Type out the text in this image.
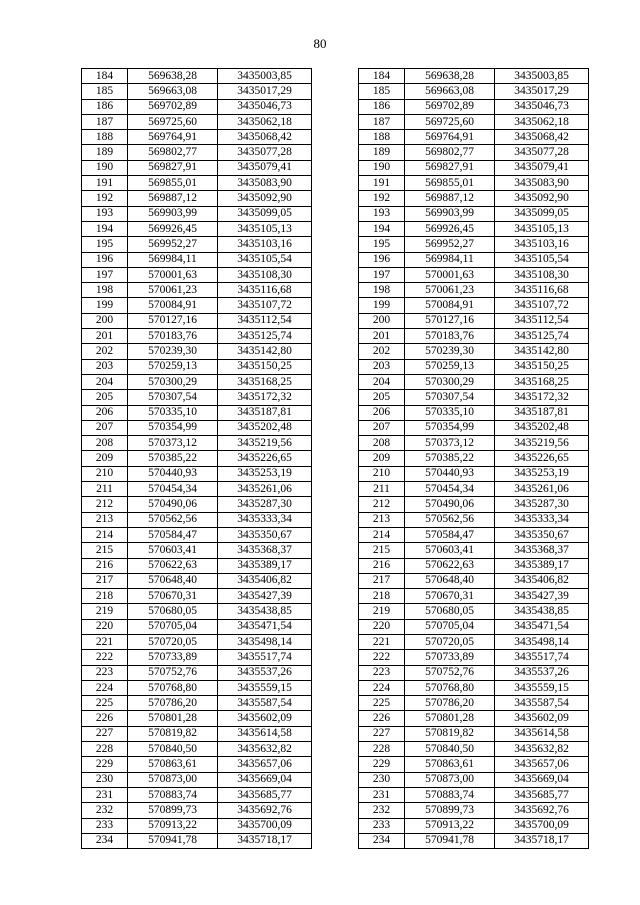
80
184	569638,28	3435003,85
185	569663,08	3435017,29
186	569702,89	3435046,73
187	569725,60	3435062,18
188	569764,91	3435068,42
189	569802,77	3435077,28
190	569827,91	3435079,41
191	569855,01	3435083,90
192	569887,12	3435092,90
193	569903,99	3435099,05
194	569926,45	3435105,13
195	569952,27	3435103,16
196	569984,11	3435105,54
197	570001,63	3435108,30
198	570061,23	3435116,68
199	570084,91	3435107,72
200	570127,16	3435112,54
201	570183,76	3435125,74
202	570239,30	3435142,80
203	570259,13	3435150,25
204	570300,29	3435168,25
205	570307,54	3435172,32
206	570335,10	3435187,81
207	570354,99	3435202,48
208	570373,12	3435219,56
209	570385,22	3435226,65
210	570440,93	3435253,19
211	570454,34	3435261,06
212	570490,06	3435287,30
213	570562,56	3435333,34
214	570584,47	3435350,67
215	570603,41	3435368,37
216	570622,63	3435389,17
217	570648,40	3435406,82
218	570670,31	3435427,39
219	570680,05	3435438,85
220	570705,04	3435471,54
221	570720,05	3435498,14
222	570733,89	3435517,74
223	570752,76	3435537,26
224	570768,80	3435559,15
225	570786,20	3435587,54
226	570801,28	3435602,09
227	570819,82	3435614,58
228	570840,50	3435632,82
229	570863,61	3435657,06
230	570873,00	3435669,04
231	570883,74	3435685,77
232	570899,73	3435692,76
233	570913,22	3435700,09
234	570941,78	3435718,17
184	569638,28	3435003,85
185	569663,08	3435017,29
186	569702,89	3435046,73
187	569725,60	3435062,18
188	569764,91	3435068,42
189	569802,77	3435077,28
190	569827,91	3435079,41
191	569855,01	3435083,90
192	569887,12	3435092,90
193	569903,99	3435099,05
194	569926,45	3435105,13
195	569952,27	3435103,16
196	569984,11	3435105,54
197	570001,63	3435108,30
198	570061,23	3435116,68
199	570084,91	3435107,72
200	570127,16	3435112,54
201	570183,76	3435125,74
202	570239,30	3435142,80
203	570259,13	3435150,25
204	570300,29	3435168,25
205	570307,54	3435172,32
206	570335,10	3435187,81
207	570354,99	3435202,48
208	570373,12	3435219,56
209	570385,22	3435226,65
210	570440,93	3435253,19
211	570454,34	3435261,06
212	570490,06	3435287,30
213	570562,56	3435333,34
214	570584,47	3435350,67
215	570603,41	3435368,37
216	570622,63	3435389,17
217	570648,40	3435406,82
218	570670,31	3435427,39
219	570680,05	3435438,85
220	570705,04	3435471,54
221	570720,05	3435498,14
222	570733,89	3435517,74
223	570752,76	3435537,26
224	570768,80	3435559,15
225	570786,20	3435587,54
226	570801,28	3435602,09
227	570819,82	3435614,58
228	570840,50	3435632,82
229	570863,61	3435657,06
230	570873,00	3435669,04
231	570883,74	3435685,77
232	570899,73	3435692,76
233	570913,22	3435700,09
234	570941,78	3435718,17
